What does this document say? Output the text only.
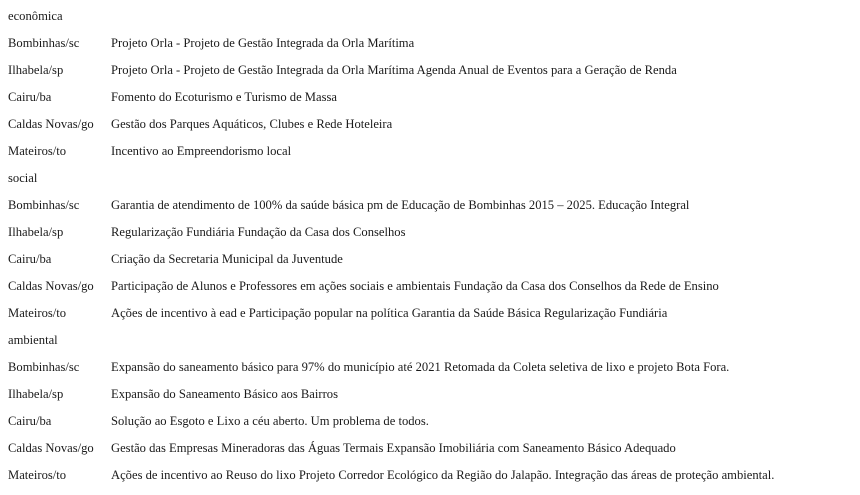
econômica
Bombinhas/sc	Projeto Orla - Projeto de Gestão Integrada da Orla Marítima
Ilhabela/sp	Projeto Orla - Projeto de Gestão Integrada da Orla Marítima Agenda Anual de Eventos para a Geração de Renda
Cairu/ba	Fomento do Ecoturismo e Turismo de Massa
Caldas Novas/go	Gestão dos Parques Aquáticos, Clubes e Rede Hoteleira
Mateiros/to	Incentivo ao Empreendorismo local
social
Bombinhas/sc	Garantia de atendimento de 100% da saúde básica pm de Educação de Bombinhas 2015 – 2025. Educação Integral
Ilhabela/sp	Regularização Fundiária Fundação da Casa dos Conselhos
Cairu/ba	Criação da Secretaria Municipal da Juventude
Caldas Novas/go	Participação de Alunos e Professores em ações sociais e ambientais Fundação da Casa dos Conselhos da Rede de Ensino
Mateiros/to	Ações de incentivo à ead e Participação popular na política Garantia da Saúde Básica Regularização Fundiária
ambiental
Bombinhas/sc	Expansão do saneamento básico para 97% do município até 2021 Retomada da Coleta seletiva de lixo e projeto Bota Fora.
Ilhabela/sp	Expansão do Saneamento Básico aos Bairros
Cairu/ba	Solução ao Esgoto e Lixo a céu aberto. Um problema de todos.
Caldas Novas/go	Gestão das Empresas Mineradoras das Águas Termais Expansão Imobiliária com Saneamento Básico Adequado
Mateiros/to	Ações de incentivo ao Reuso do lixo Projeto Corredor Ecológico da Região do Jalapão. Integração das áreas de proteção ambiental.
